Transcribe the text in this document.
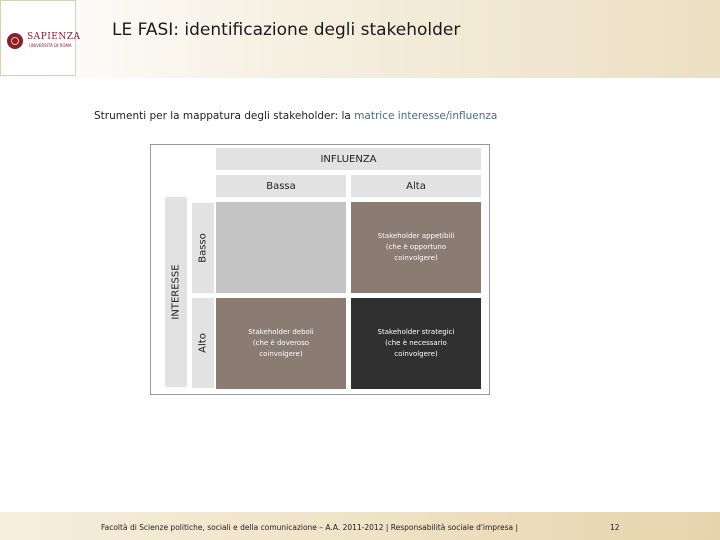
SAPIENZA
UNIVERSITÀ DI ROMA
LE FASI: identificazione degli stakeholder
Strumenti per la mappatura degli stakeholder: la matrice interesse/influenza
INFLUENZA
Bassa	Alta
INTERESSE
Basso
Alto
Stakeholder appetibili
(che è opportuno
coinvolgere)
Stakeholder deboli
(che è doveroso
coinvolgere)
Stakeholder strategici
(che è necessario
coinvolgere)
Facoltà di Scienze politiche, sociali e della comunicazione – A.A. 2011-2012 | Responsabilità sociale d'impresa |	12
